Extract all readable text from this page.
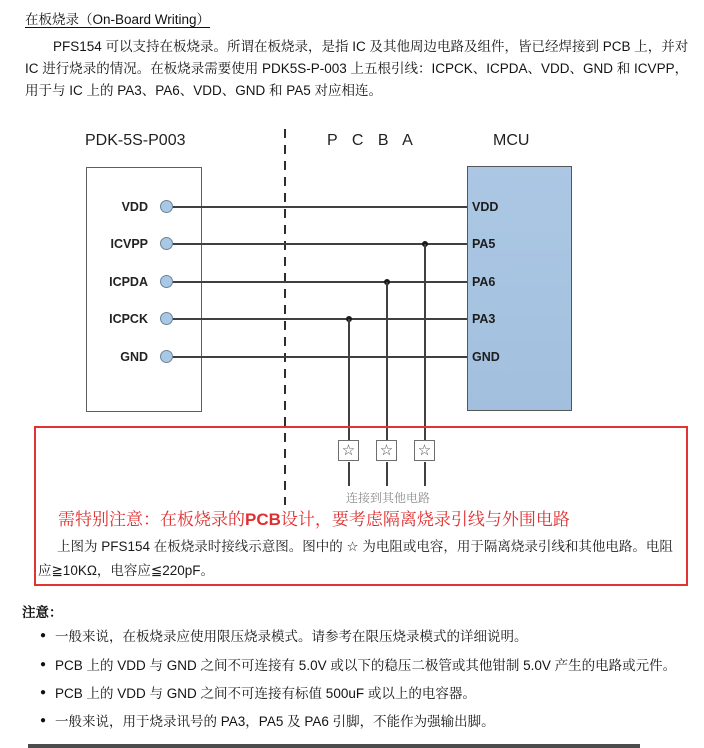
在板烧录（On-Board Writing）
PFS154 可以支持在板烧录。所谓在板烧录，是指 IC 及其他周边电路及组件，皆已经焊接到 PCB 上，并对
IC 进行烧录的情况。在板烧录需要使用 PDK5S-P-003 上五根引线：ICPCK、ICPDA、VDD、GND 和 ICVPP，
用于与 IC 上的 PA3、PA6、VDD、GND 和 PA5 对应相连。
PDK-5S-P003	P C B A	MCU
VDD
ICVPP
ICPDA
ICPCK
GND
VDD
PA5
PA6
PA3
GND
☆ ☆ ☆
连接到其他电路
需特别注意：在板烧录的PCB设计，要考虑隔离烧录引线与外围电路
上图为 PFS154 在板烧录时接线示意图。图中的 ☆ 为电阻或电容，用于隔离烧录引线和其他电路。电阻
应≧10KΩ，电容应≦220pF。
注意：
● 一般来说，在板烧录应使用限压烧录模式。请参考在限压烧录模式的详细说明。
● PCB 上的 VDD 与 GND 之间不可连接有 5.0V 或以下的稳压二极管或其他钳制 5.0V 产生的电路或元件。
● PCB 上的 VDD 与 GND 之间不可连接有标值 500uF 或以上的电容器。
● 一般来说，用于烧录讯号的 PA3，PA5 及 PA6 引脚，不能作为强输出脚。
